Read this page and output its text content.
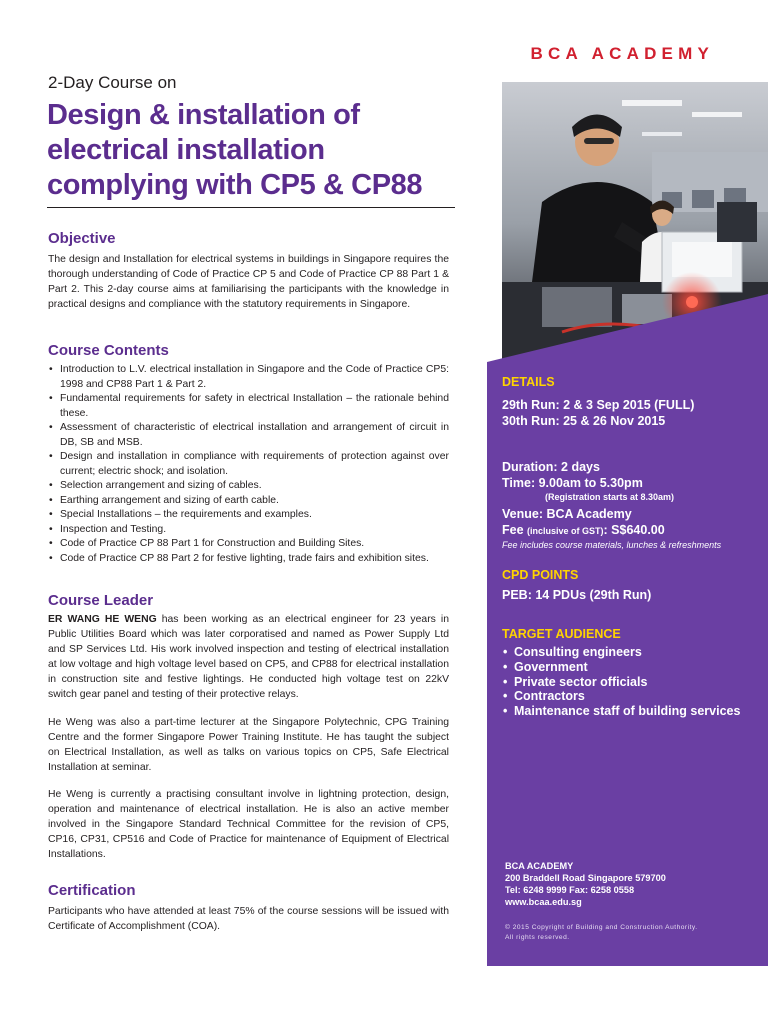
BCA ACADEMY
2-Day Course on
Design & installation of
electrical installation
complying with CP5 & CP88
Objective

The design and Installation for electrical systems in buildings in Singapore requires the thorough understanding of Code of Practice CP 5 and Code of Practice CP 88 Part 1 & Part 2. This 2-day course aims at familiarising the participants with the knowledge in practical designs and compliance with the statutory requirements in Singapore.

Course Contents
• Introduction to L.V. electrical installation in Singapore and the Code of Practice CP5: 1998 and CP88 Part 1 & Part 2.
• Fundamental requirements for safety in electrical Installation – the rationale behind these.
• Assessment of characteristic of electrical installation and arrangement of circuit in DB, SB and MSB.
• Design and installation in compliance with requirements of protection against over current; electric shock; and isolation.
• Selection arrangement and sizing of cables.
• Earthing arrangement and sizing of earth cable.
• Special Installations – the requirements and examples.
• Inspection and Testing.
• Code of Practice CP 88 Part 1 for Construction and Building Sites.
• Code of Practice CP 88 Part 2 for festive lighting, trade fairs and exhibition sites.
Course Leader

ER WANG HE WENG has been working as an electrical engineer for 23 years in Public Utilities Board which was later corporatised and named as Power Supply Ltd and SP Services Ltd. His work involved inspection and testing of electrical installation at low voltage and high voltage level based on CP5, and CP88 for electrical installation in construction site and festive lightings. He conducted high voltage test on 22kV switch gear panel and testing of their protective relays.

He Weng was also a part-time lecturer at the Singapore Polytechnic, CPG Training Centre and the former Singapore Power Training Institute. He has taught the subject on Electrical Installation, as well as talks on various topics on CP5, Safe Electrical Installation at seminar.

He Weng is currently a practising consultant involve in lightning protection, design, operation and maintenance of electrical installation. He is also an active member involved in the Singapore Standard Technical Committee for the revision of CP5, CP16, CP31, CP516 and Code of Practice for maintenance of Equipment of Electrical Installations.

Certification

Participants who have attended at least 75% of the course sessions will be issued with Certificate of Accomplishment (COA).

DETAILS
29th Run: 2 & 3 Sep 2015 (FULL)
30th Run: 25 & 26 Nov 2015
Duration: 2 days
Time: 9.00am to 5.30pm
(Registration starts at 8.30am)
Venue: BCA Academy
Fee (inclusive of GST): S$640.00
Fee includes course materials, lunches & refreshments
CPD POINTS
PEB: 14 PDUs (29th Run)
TARGET AUDIENCE
• Consulting engineers
• Government
• Private sector officials
• Contractors
• Maintenance staff of building services
BCA ACADEMY
200 Braddell Road Singapore 579700
Tel: 6248 9999 Fax: 6258 0558
www.bcaa.edu.sg
© 2015 Copyright of Building and Construction Authority.
All rights reserved.
